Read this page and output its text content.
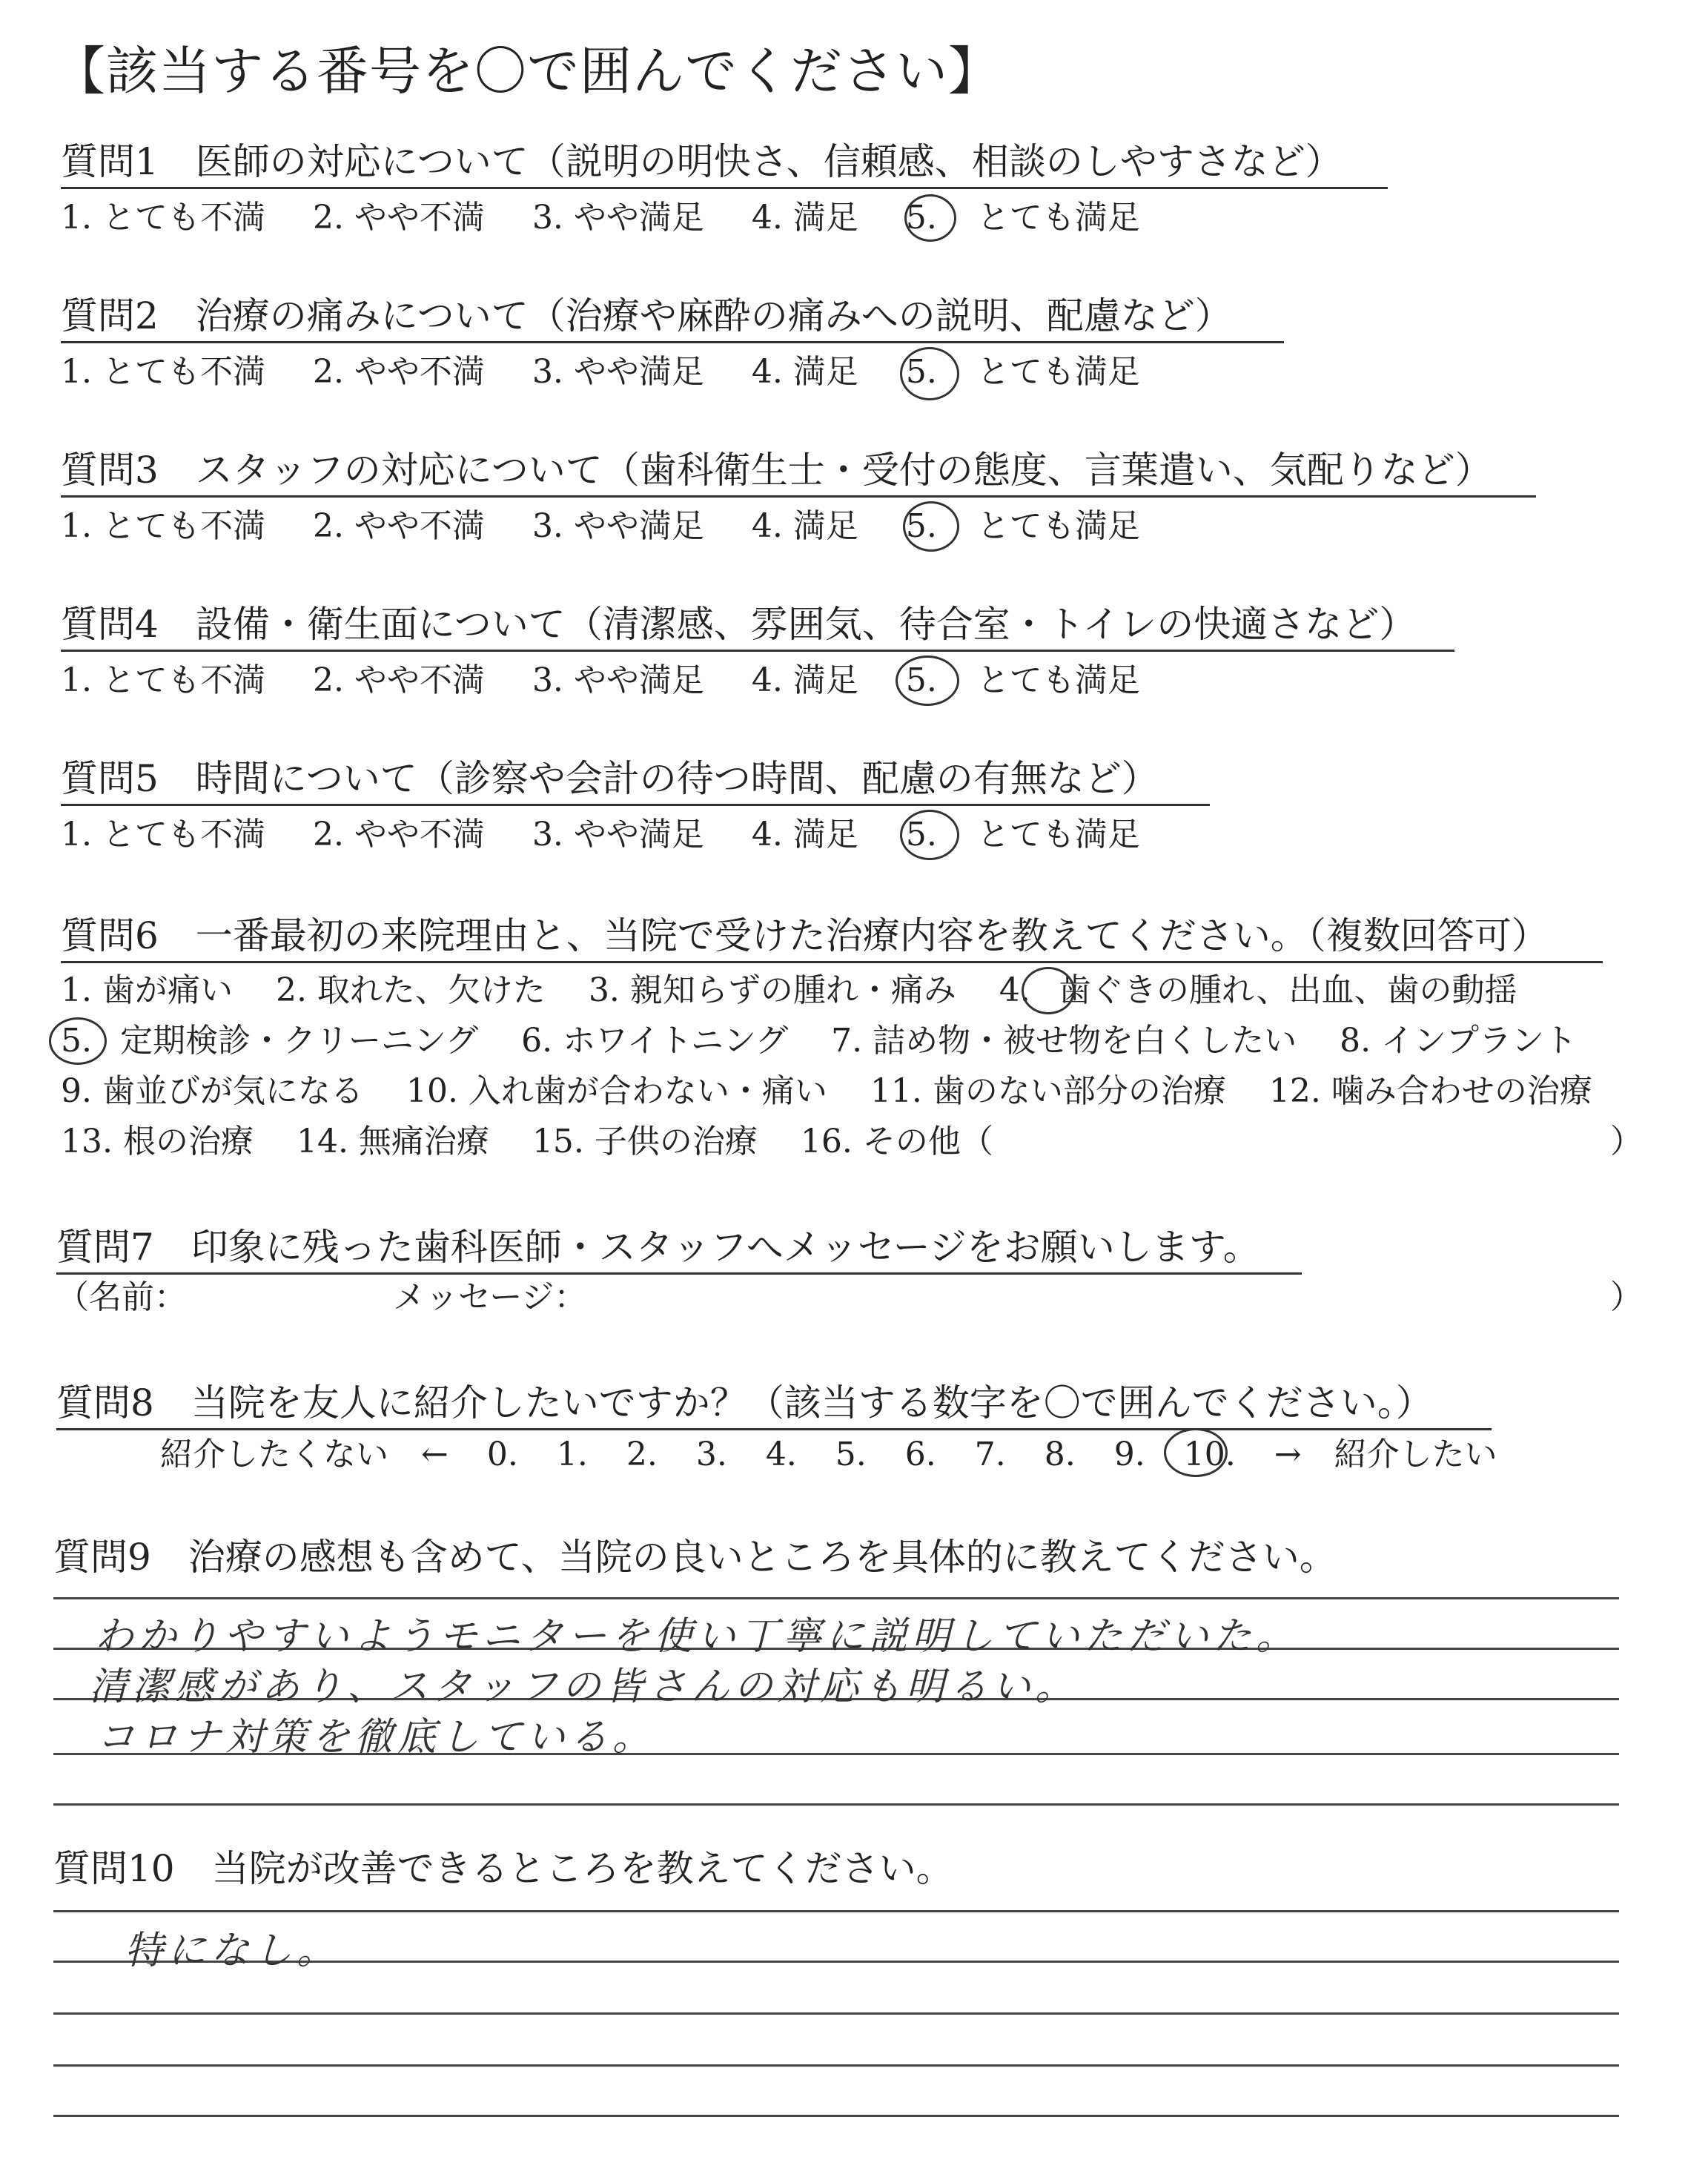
【該当する番号を〇で囲んでください】
質問1　医師の対応について（説明の明快さ、信頼感、相談のしやすさなど）
1. とても不満 2. やや不満 3. やや満足 4. 満足 5. とても満足
質問2　治療の痛みについて（治療や麻酔の痛みへの説明、配慮など）
1. とても不満 2. やや不満 3. やや満足 4. 満足 5. とても満足
質問3　スタッフの対応について（歯科衛生士・受付の態度、言葉遣い、気配りなど）
1. とても不満 2. やや不満 3. やや満足 4. 満足 5. とても満足
質問4　設備・衛生面について（清潔感、雰囲気、待合室・トイレの快適さなど）
1. とても不満 2. やや不満 3. やや満足 4. 満足 5. とても満足
質問5　時間について（診察や会計の待つ時間、配慮の有無など）
1. とても不満 2. やや不満 3. やや満足 4. 満足 5. とても満足
質問6　一番最初の来院理由と、当院で受けた治療内容を教えてください。（複数回答可）
1. 歯が痛い 2. 取れた、欠けた 3. 親知らずの腫れ・痛み 4. 歯ぐきの腫れ、出血、歯の動揺
5. 定期検診・クリーニング 6. ホワイトニング 7. 詰め物・被せ物を白くしたい 8. インプラント
9. 歯並びが気になる 10. 入れ歯が合わない・痛い 11. 歯のない部分の治療 12. 噛み合わせの治療
13. 根の治療 14. 無痛治療 15. 子供の治療 16. その他（	）
質問7　印象に残った歯科医師・スタッフへメッセージをお願いします。
（名前：	メッセージ：	）
質問8　当院を友人に紹介したいですか？（該当する数字を〇で囲んでください。）
紹介したくない　← 0. 1. 2. 3. 4. 5. 6. 7. 8. 9. 10. →　紹介したい
質問9　治療の感想も含めて、当院の良いところを具体的に教えてください。
わかりやすいようモニターを使い丁寧に説明していただいた。
清潔感があり、スタッフの皆さんの対応も明るい。
コロナ対策を徹底している。
質問10　当院が改善できるところを教えてください。
特になし。
